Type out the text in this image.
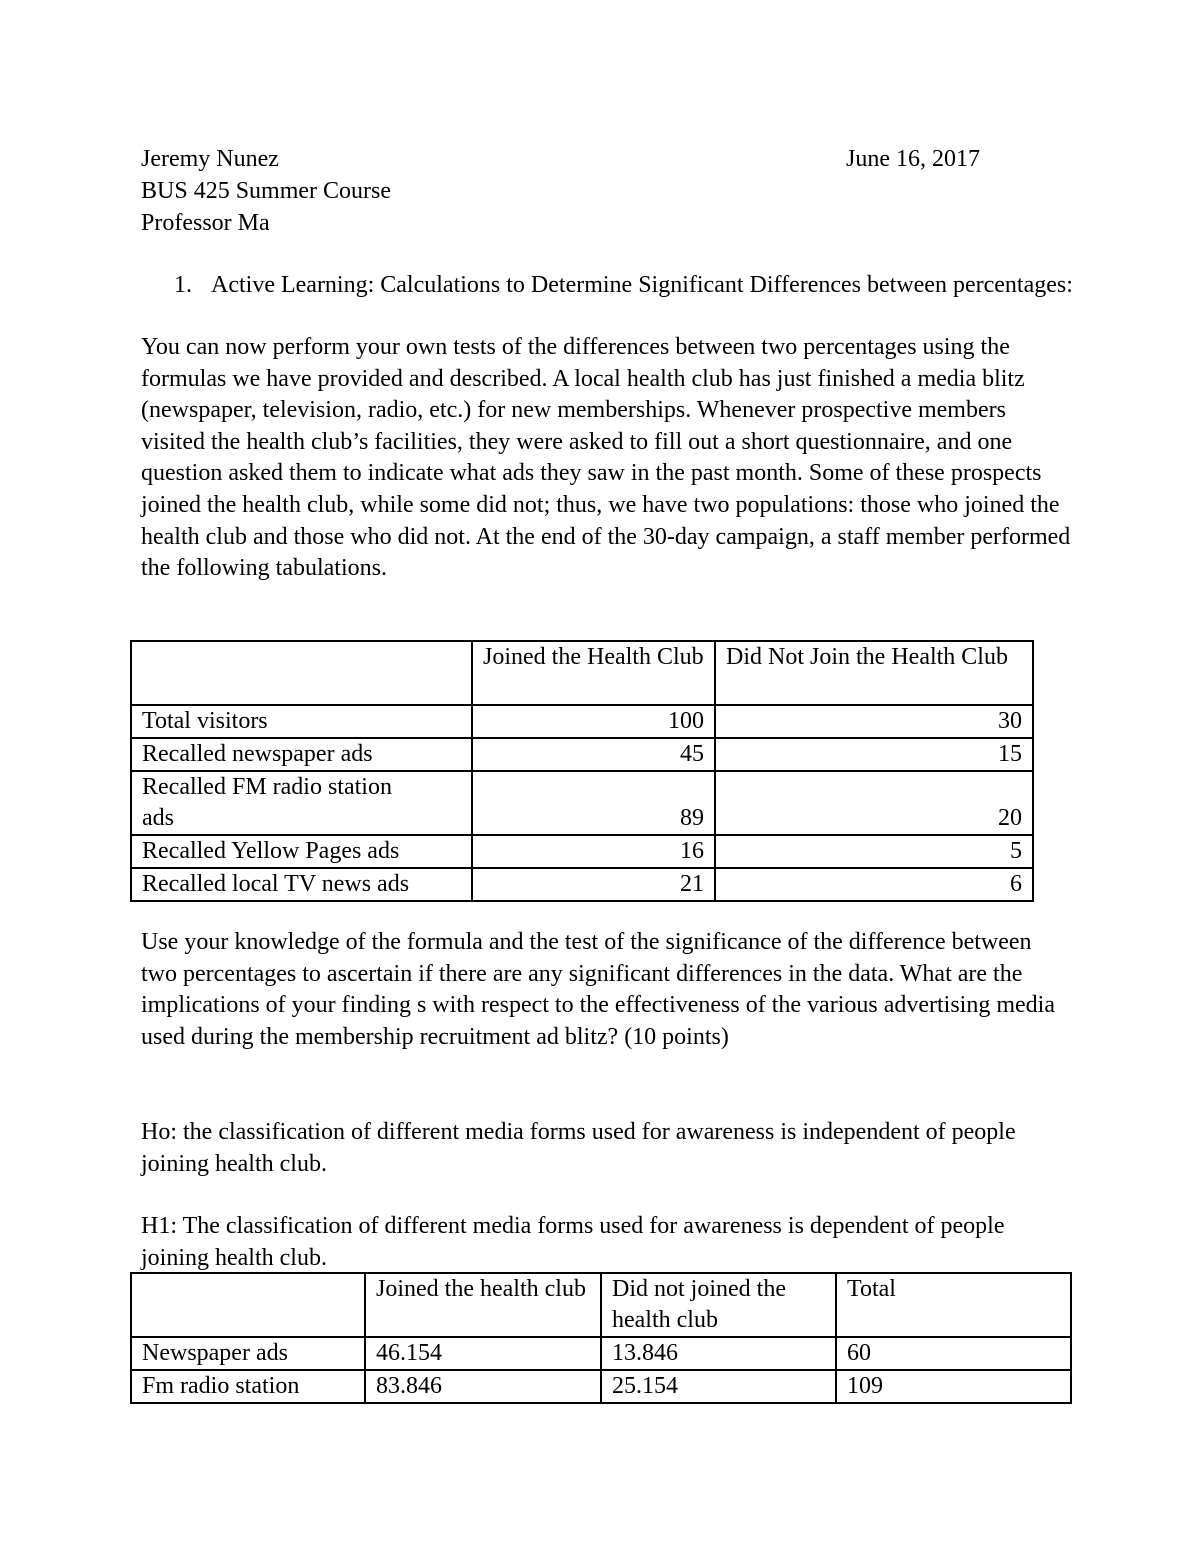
Jeremy Nunez	June 16, 2017
BUS 425 Summer Course
Professor Ma
1. Active Learning: Calculations to Determine Significant Differences between percentages:
You can now perform your own tests of the differences between two percentages using the formulas we have provided and described. A local health club has just finished a media blitz (newspaper, television, radio, etc.) for new memberships. Whenever prospective members visited the health club’s facilities, they were asked to fill out a short questionnaire, and one question asked them to indicate what ads they saw in the past month. Some of these prospects joined the health club, while some did not; thus, we have two populations: those who joined the health club and those who did not. At the end of the 30-day campaign, a staff member performed the following tabulations.
	Joined the Health Club	Did Not Join the Health Club
Total visitors	100	30
Recalled newspaper ads	45	15
Recalled FM radio station ads	89	20
Recalled Yellow Pages ads	16	5
Recalled local TV news ads	21	6
Use your knowledge of the formula and the test of the significance of the difference between two percentages to ascertain if there are any significant differences in the data. What are the implications of your finding s with respect to the effectiveness of the various advertising media used during the membership recruitment ad blitz? (10 points)
Ho: the classification of different media forms used for awareness is independent of people joining health club.
H1: The classification of different media forms used for awareness is dependent of people joining health club.
	Joined the health club	Did not joined the health club	Total
Newspaper ads	46.154	13.846	60
Fm radio station	83.846	25.154	109
